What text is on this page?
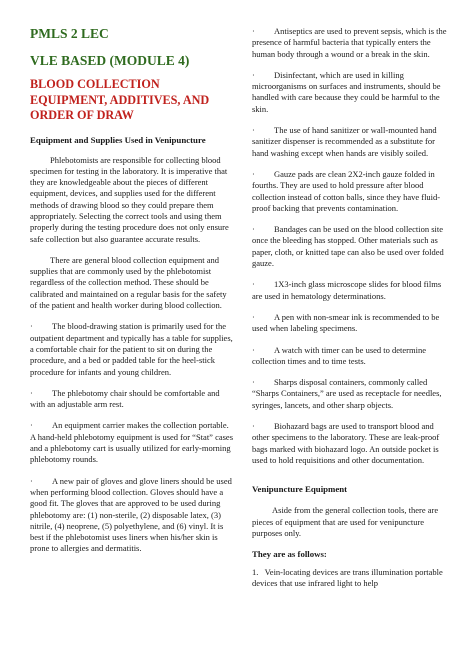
PMLS 2 LEC
VLE BASED (MODULE 4)
BLOOD COLLECTION EQUIPMENT, ADDITIVES, AND ORDER OF DRAW
Equipment and Supplies Used in Venipuncture

Phlebotomists are responsible for collecting blood specimen for testing in the laboratory. It is imperative that they are knowledgeable about the pieces of different equipment, devices, and supplies used for the different methods of drawing blood so they could prepare them appropriately. Selecting the correct tools and using them properly during the testing procedure does not only ensure safe collection but also guarantee accurate results.

There are general blood collection equipment and supplies that are commonly used by the phlebotomist regardless of the collection method. These should be calibrated and maintained on a regular basis for the safety of the patient and health worker during blood collection.

· The blood-drawing station is primarily used for the outpatient department and typically has a table for supplies, a comfortable chair for the patient to sit on during the procedure, and a bed or padded table for the heel-stick procedure for infants and young children.

· The phlebotomy chair should be comfortable and with an adjustable arm rest.

· An equipment carrier makes the collection portable. A hand-held phlebotomy equipment is used for “Stat” cases and a phlebotomy cart is usually utilized for early-morning phlebotomy rounds.

· A new pair of gloves and glove liners should be used when performing blood collection. Gloves should have a good fit. The gloves that are approved to be used during phlebotomy are: (1) non-sterile, (2) disposable latex, (3) nitrile, (4) neoprene, (5) polyethylene, and (6) vinyl. It is best if the phlebotomist uses liners when his/her skin is prone to allergies and dermatitis.

· Antiseptics are used to prevent sepsis, which is the presence of harmful bacteria that typically enters the human body through a wound or a break in the skin.

· Disinfectant, which are used in killing microorganisms on surfaces and instruments, should be handled with care because they could be harmful to the skin.

· The use of hand sanitizer or wall-mounted hand sanitizer dispenser is recommended as a substitute for hand washing except when hands are visibly soiled.

· Gauze pads are clean 2X2-inch gauze folded in fourths. They are used to hold pressure after blood collection instead of cotton balls, since they have fluid-proof backing that prevents contamination.

· Bandages can be used on the blood collection site once the bleeding has stopped. Other materials such as paper, cloth, or knitted tape can also be used over folded gauze.

· 1X3-inch glass microscope slides for blood films are used in hematology determinations.

· A pen with non-smear ink is recommended to be used when labeling specimens.

· A watch with timer can be used to determine collection times and to time tests.

· Sharps disposal containers, commonly called “Sharps Containers,” are used as receptacle for needles, syringes, lancets, and other sharp objects.

· Biohazard bags are used to transport blood and other specimens to the laboratory. These are leak-proof bags marked with biohazard logo. An outside pocket is used to hold requisitions and other documentation.

Venipuncture Equipment

Aside from the general collection tools, there are pieces of equipment that are used for venipuncture purposes only.

They are as follows:

1.   Vein-locating devices are trans illumination portable devices that use infrared light to help
